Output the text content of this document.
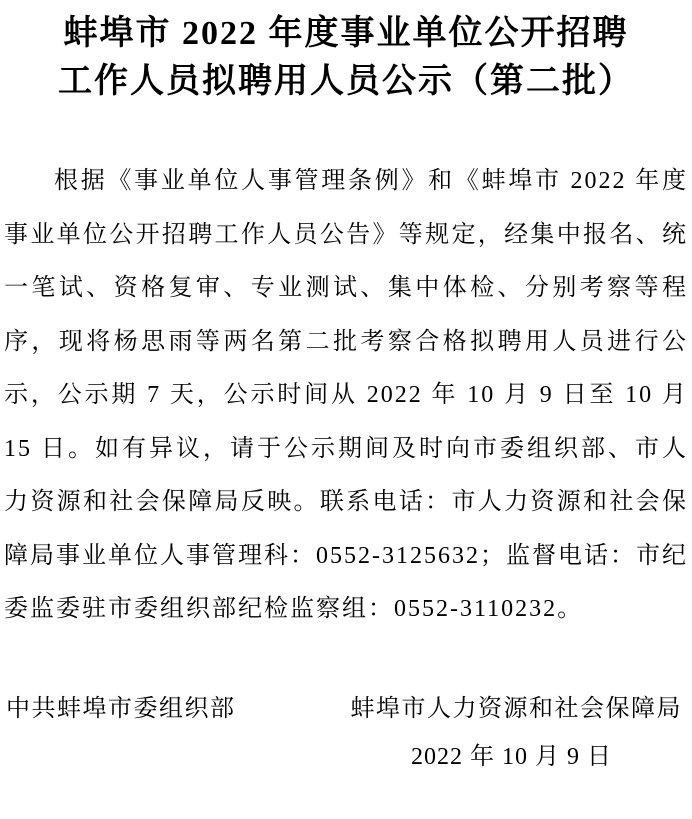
蚌埠市 2022 年度事业单位公开招聘
工作人员拟聘用人员公示（第二批）

根据《事业单位人事管理条例》和《蚌埠市 2022 年度事业单位公开招聘工作人员公告》等规定，经集中报名、统一笔试、资格复审、专业测试、集中体检、分别考察等程序，现将杨思雨等两名第二批考察合格拟聘用人员进行公示，公示期 7 天，公示时间从 2022 年 10 月 9 日至 10 月 15 日。如有异议，请于公示期间及时向市委组织部、市人力资源和社会保障局反映。联系电话：市人力资源和社会保障局事业单位人事管理科：0552-3125632；监督电话：市纪委监委驻市委组织部纪检监察组：0552-3110232。

中共蚌埠市委组织部	蚌埠市人力资源和社会保障局
2022 年 10 月 9 日
